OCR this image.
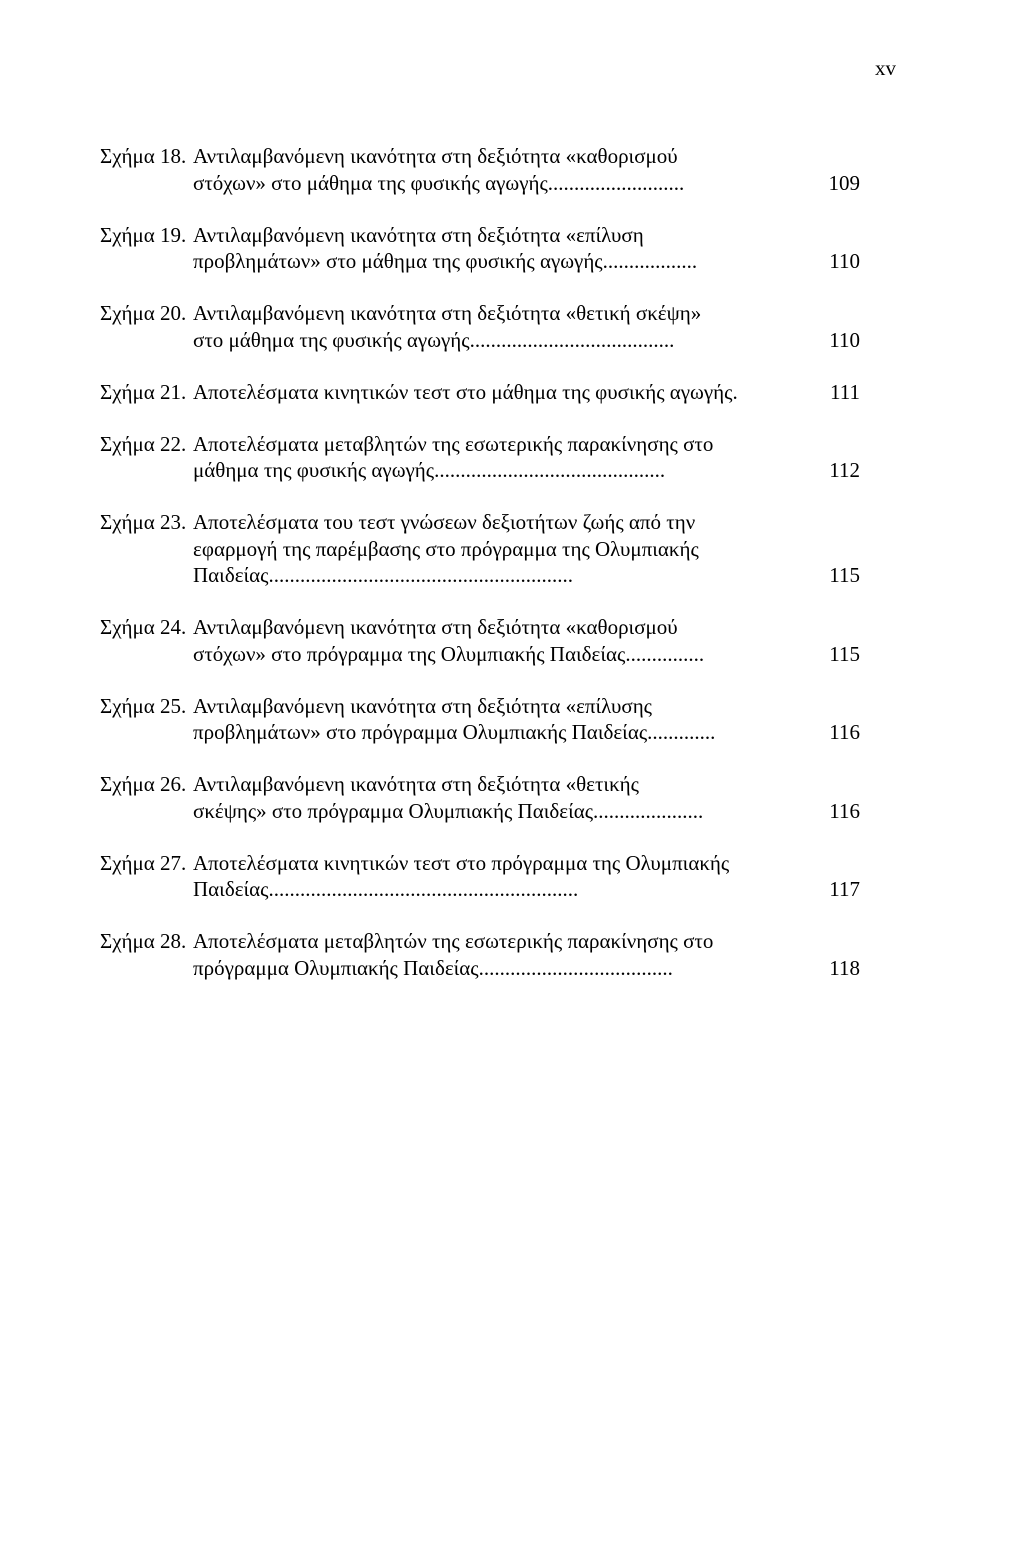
xv
Σχήμα 18. Αντιλαμβανόμενη ικανότητα στη δεξιότητα «καθορισμού
στόχων» στο μάθημα της φυσικής αγωγής ..........................	109
Σχήμα 19. Αντιλαμβανόμενη ικανότητα στη δεξιότητα «επίλυση
προβλημάτων» στο μάθημα της φυσικής αγωγής ..................	110
Σχήμα 20. Αντιλαμβανόμενη ικανότητα στη δεξιότητα «θετική σκέψη»
στο μάθημα της φυσικής αγωγής .......................................	110
Σχήμα 21. Αποτελέσματα κινητικών τεστ στο μάθημα της φυσικής αγωγής.	111
Σχήμα 22. Αποτελέσματα μεταβλητών της εσωτερικής παρακίνησης στο
μάθημα της φυσικής αγωγής ............................................	112
Σχήμα 23. Αποτελέσματα του τεστ γνώσεων δεξιοτήτων ζωής από την
εφαρμογή της παρέμβασης στο πρόγραμμα της Ολυμπιακής
Παιδείας ..........................................................	115
Σχήμα 24. Αντιλαμβανόμενη ικανότητα στη δεξιότητα «καθορισμού
στόχων» στο πρόγραμμα της Ολυμπιακής Παιδείας ...............	115
Σχήμα 25. Αντιλαμβανόμενη ικανότητα στη δεξιότητα «επίλυσης
προβλημάτων» στο πρόγραμμα Ολυμπιακής Παιδείας .............	116
Σχήμα 26. Αντιλαμβανόμενη ικανότητα στη δεξιότητα «θετικής
σκέψης» στο πρόγραμμα Ολυμπιακής Παιδείας .....................	116
Σχήμα 27. Αποτελέσματα κινητικών τεστ στο πρόγραμμα της Ολυμπιακής
Παιδείας ...........................................................	117
Σχήμα 28. Αποτελέσματα μεταβλητών της εσωτερικής παρακίνησης στο
πρόγραμμα Ολυμπιακής Παιδείας .....................................	118
